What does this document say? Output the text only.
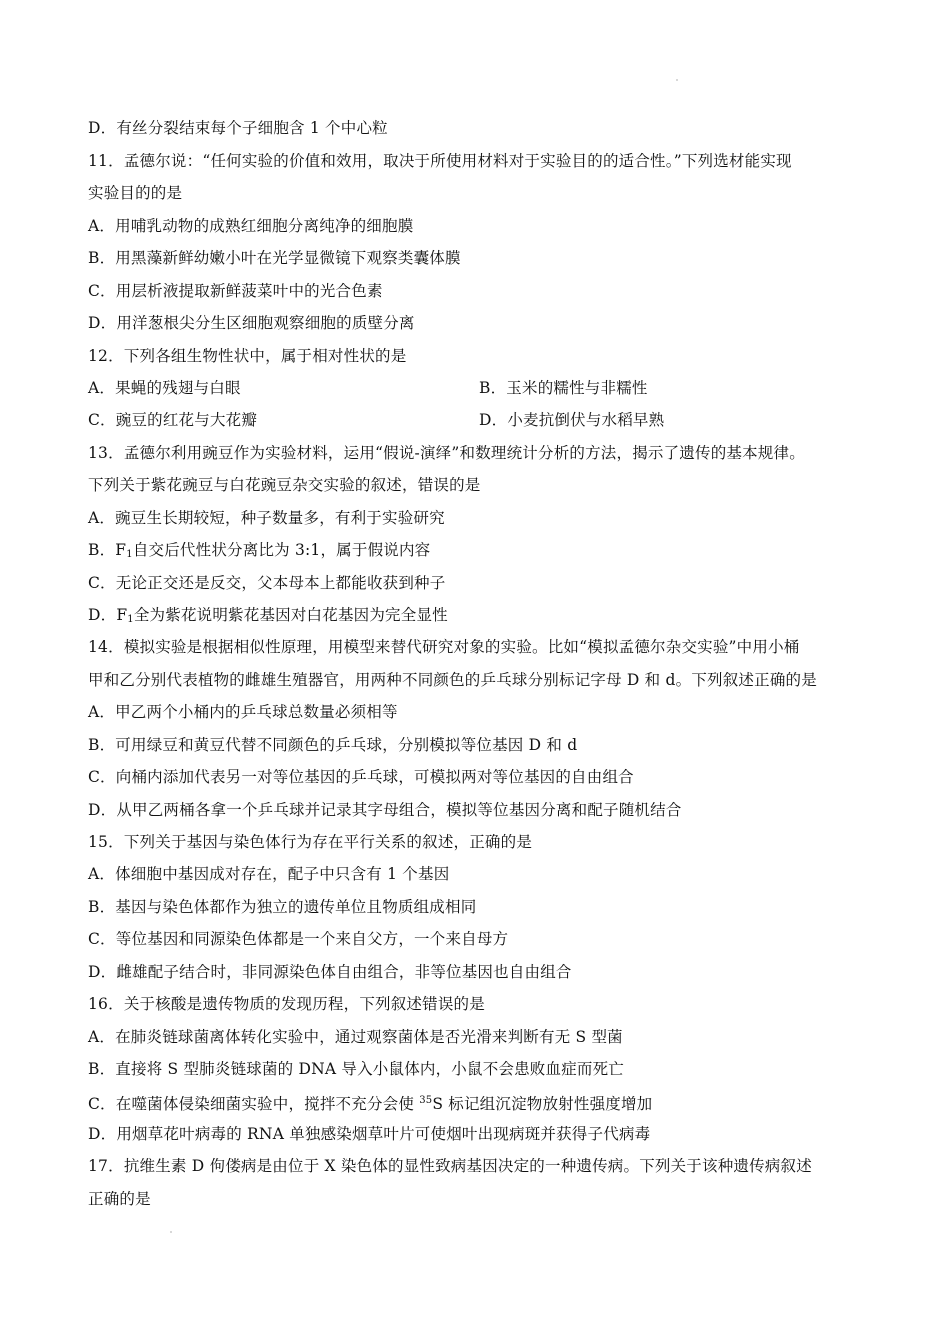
D．有丝分裂结束每个子细胞含 1 个中心粒
11．孟德尔说：“任何实验的价值和效用，取决于所使用材料对于实验目的的适合性。”下列选材能实现
实验目的的是
A．用哺乳动物的成熟红细胞分离纯净的细胞膜
B．用黑藻新鲜幼嫩小叶在光学显微镜下观察类囊体膜
C．用层析液提取新鲜菠菜叶中的光合色素
D．用洋葱根尖分生区细胞观察细胞的质壁分离
12．下列各组生物性状中，属于相对性状的是
A．果蝇的残翅与白眼	B．玉米的糯性与非糯性
C．豌豆的红花与大花瓣	D．小麦抗倒伏与水稻早熟
13．孟德尔利用豌豆作为实验材料，运用“假说-演绎”和数理统计分析的方法，揭示了遗传的基本规律。
下列关于紫花豌豆与白花豌豆杂交实验的叙述，错误的是
A．豌豆生长期较短，种子数量多，有利于实验研究
B．$F_1$自交后代性状分离比为 3:1，属于假说内容
C．无论正交还是反交，父本母本上都能收获到种子
D．$F_1$全为紫花说明紫花基因对白花基因为完全显性
14．模拟实验是根据相似性原理，用模型来替代研究对象的实验。比如“模拟孟德尔杂交实验”中用小桶
甲和乙分别代表植物的雌雄生殖器官，用两种不同颜色的乒乓球分别标记字母 D 和 d。下列叙述正确的是
A．甲乙两个小桶内的乒乓球总数量必须相等
B．可用绿豆和黄豆代替不同颜色的乒乓球，分别模拟等位基因 D 和 d
C．向桶内添加代表另一对等位基因的乒乓球，可模拟两对等位基因的自由组合
D．从甲乙两桶各拿一个乒乓球并记录其字母组合，模拟等位基因分离和配子随机结合
15．下列关于基因与染色体行为存在平行关系的叙述，正确的是
A．体细胞中基因成对存在，配子中只含有 1 个基因
B．基因与染色体都作为独立的遗传单位且物质组成相同
C．等位基因和同源染色体都是一个来自父方，一个来自母方
D．雌雄配子结合时，非同源染色体自由组合，非等位基因也自由组合
16．关于核酸是遗传物质的发现历程，下列叙述错误的是
A．在肺炎链球菌离体转化实验中，通过观察菌体是否光滑来判断有无 S 型菌
B．直接将 S 型肺炎链球菌的 DNA 导入小鼠体内，小鼠不会患败血症而死亡
C．在噬菌体侵染细菌实验中，搅拌不充分会使 $^{35}$S 标记组沉淀物放射性强度增加
D．用烟草花叶病毒的 RNA 单独感染烟草叶片可使烟叶出现病斑并获得子代病毒
17．抗维生素 D 佝偻病是由位于 X 染色体的显性致病基因决定的一种遗传病。下列关于该种遗传病叙述
正确的是
